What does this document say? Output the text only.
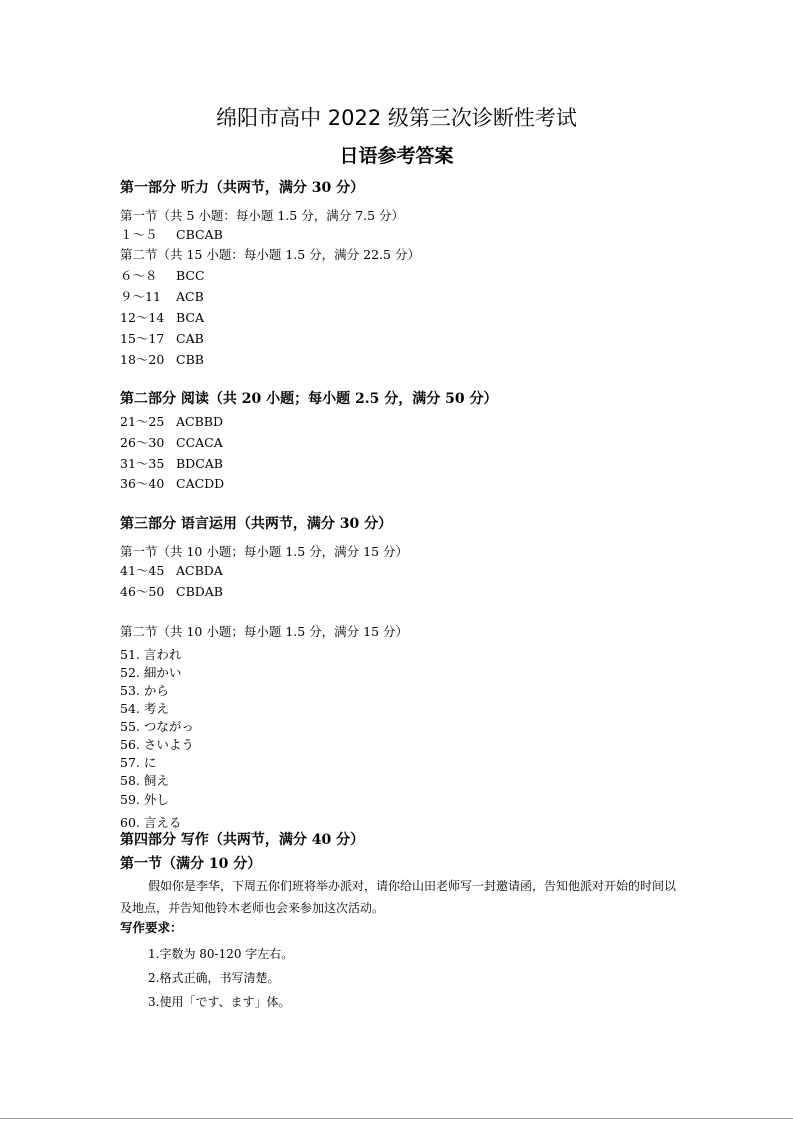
绵阳市高中 2022 级第三次诊断性考试
日语参考答案
第一部分 听力（共两节，满分 30 分）
第一节（共 5 小题：每小题 1.5 分，满分 7.5 分）
１～５ CBCAB
第二节（共 15 小题：每小题 1.5 分，满分 22.5 分）
６～８ BCC
９～11 ACB
12～14 BCA
15～17 CAB
18～20 CBB
第二部分 阅读（共 20 小题；每小题 2.5 分，满分 50 分）
21～25 ACBBD
26～30 CCACA
31～35 BDCAB
36～40 CACDD
第三部分 语言运用（共两节，满分 30 分）
第一节（共 10 小题；每小题 1.5 分，满分 15 分）
41～45 ACBDA
46～50 CBDAB
第二节（共 10 小题；每小题 1.5 分，满分 15 分）
51. 言われ
52. 細かい
53. から
54. 考え
55. つながっ
56. さいよう
57. に
58. 飼え
59. 外し
60. 言える
第四部分 写作（共两节，满分 40 分）
第一节（满分 10 分）
假如你是李华，下周五你们班将举办派对，请你给山田老师写一封邀请函，告知他派对开始的时间以及地点，并告知他铃木老师也会来参加这次活动。
写作要求：
1.字数为 80-120 字左右。
2.格式正确，书写清楚。
3.使用「です、ます」体。
